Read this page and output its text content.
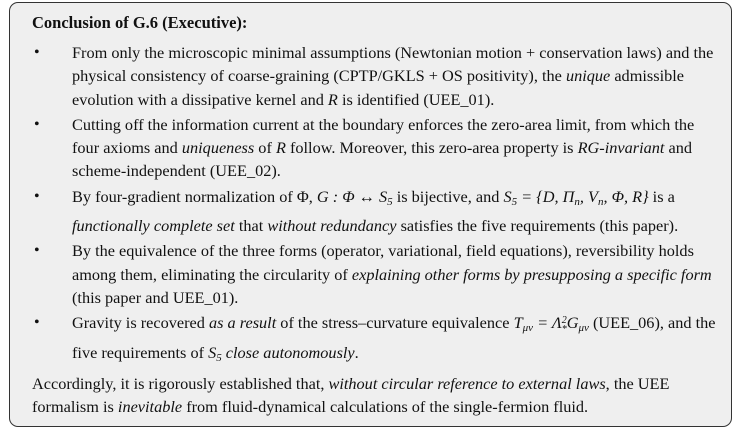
Conclusion of G.6 (Executive):
• From only the microscopic minimal assumptions (Newtonian motion + conservation laws) and the physical consistency of coarse-graining (CPTP/GKLS + OS positivity), the unique admissible evolution with a dissipative kernel and R is identified (UEE_01).
• Cutting off the information current at the boundary enforces the zero-area limit, from which the four axioms and uniqueness of R follow. Moreover, this zero-area property is RG-invariant and scheme-independent (UEE_02).
• By four-gradient normalization of Φ, G : Φ ↔ $S_5$ is bijective, and $S_5 = \{D$, $\Pi_n$, $V_n$, Φ, R} is a functionally complete set that without redundancy satisfies the five requirements (this paper).
• By the equivalence of the three forms (operator, variational, field equations), reversibility holds among them, eliminating the circularity of explaining other forms by presupposing a specific form (this paper and UEE_01).
• Gravity is recovered as a result of the stress–curvature equivalence $T_{\mu\nu} = \Lambda 2$
$*G_{\mu\nu}$ (UEE_06), and the five requirements of $S_5$ close autonomously.

Accordingly, it is rigorously established that, without circular reference to external laws, the UEE formalism is inevitable from fluid-dynamical calculations of the single-fermion fluid.
